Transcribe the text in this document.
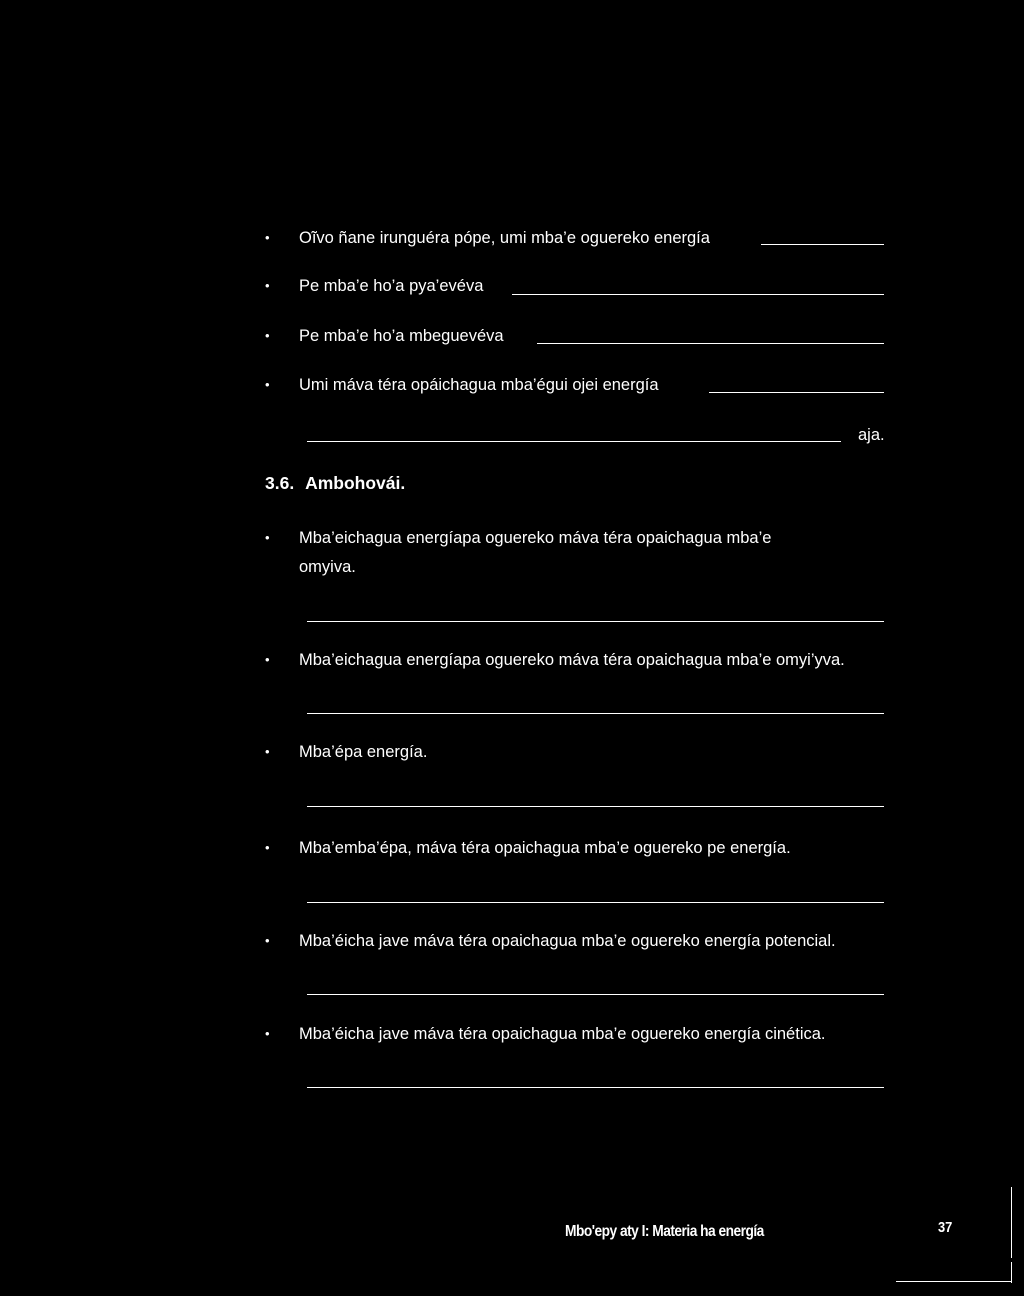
• Oĩvo ñane irunguéra pópe, umi mba’e oguereko energía
• Pe mba’e ho’a pya’evéva
• Pe mba’e ho’a mbeguevéva
• Umi máva téra opáichagua mba’égui ojei energía
aja.
3.6. Ambohovái.
• Mba’eichagua energíapa oguereko máva téra opaichagua mba’e
omyiva.
• Mba’eichagua energíapa oguereko máva téra opaichagua mba’e omyi’yva.
• Mba’épa energía.
• Mba’emba’épa, máva téra opaichagua mba’e oguereko pe energía.
• Mba’éicha jave máva téra opaichagua mba’e oguereko energía potencial.
• Mba’éicha jave máva téra opaichagua mba’e oguereko energía cinética.
Mbo'epy aty I: Materia ha energía	37
